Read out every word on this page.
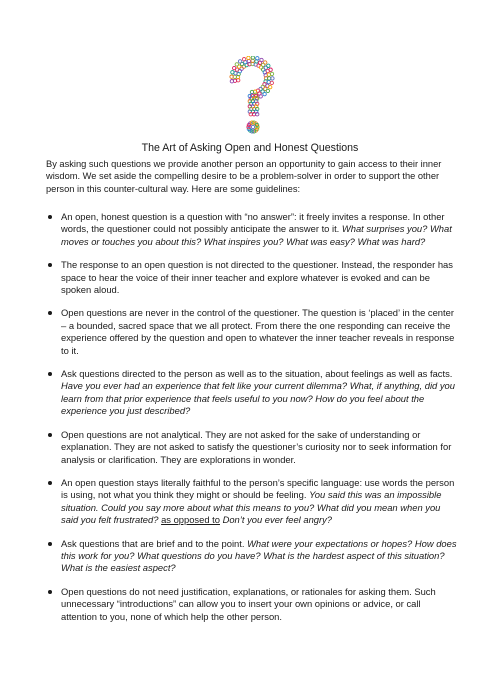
The Art of Asking Open and Honest Questions

By asking such questions we provide another person an opportunity to gain access to their inner wisdom. We set aside the compelling desire to be a problem-solver in order to support the other person in this counter-cultural way. Here are some guidelines:

An open, honest question is a question with “no answer”: it freely invites a response. In other words, the questioner could not possibly anticipate the answer to it. What surprises you? What moves or touches you about this? What inspires you? What was easy? What was hard?
The response to an open question is not directed to the questioner. Instead, the responder has space to hear the voice of their inner teacher and explore whatever is evoked and can be spoken aloud.
Open questions are never in the control of the questioner. The question is ‘placed’ in the center – a bounded, sacred space that we all protect. From there the one responding can receive the experience offered by the question and open to whatever the inner teacher reveals in response to it.
Ask questions directed to the person as well as to the situation, about feelings as well as facts. Have you ever had an experience that felt like your current dilemma? What, if anything, did you learn from that prior experience that feels useful to you now? How do you feel about the experience you just described?
Open questions are not analytical. They are not asked for the sake of understanding or explanation. They are not asked to satisfy the questioner’s curiosity nor to seek information for analysis or clarification. They are explorations in wonder.
An open question stays literally faithful to the person’s specific language: use words the person is using, not what you think they might or should be feeling. You said this was an impossible situation. Could you say more about what this means to you? What did you mean when you said you felt frustrated? as opposed to Don’t you ever feel angry?
Ask questions that are brief and to the point. What were your expectations or hopes? How does this work for you? What questions do you have? What is the hardest aspect of this situation? What is the easiest aspect?
Open questions do not need justification, explanations, or rationales for asking them. Such unnecessary “introductions” can allow you to insert your own opinions or advice, or call attention to you, none of which help the other person.
